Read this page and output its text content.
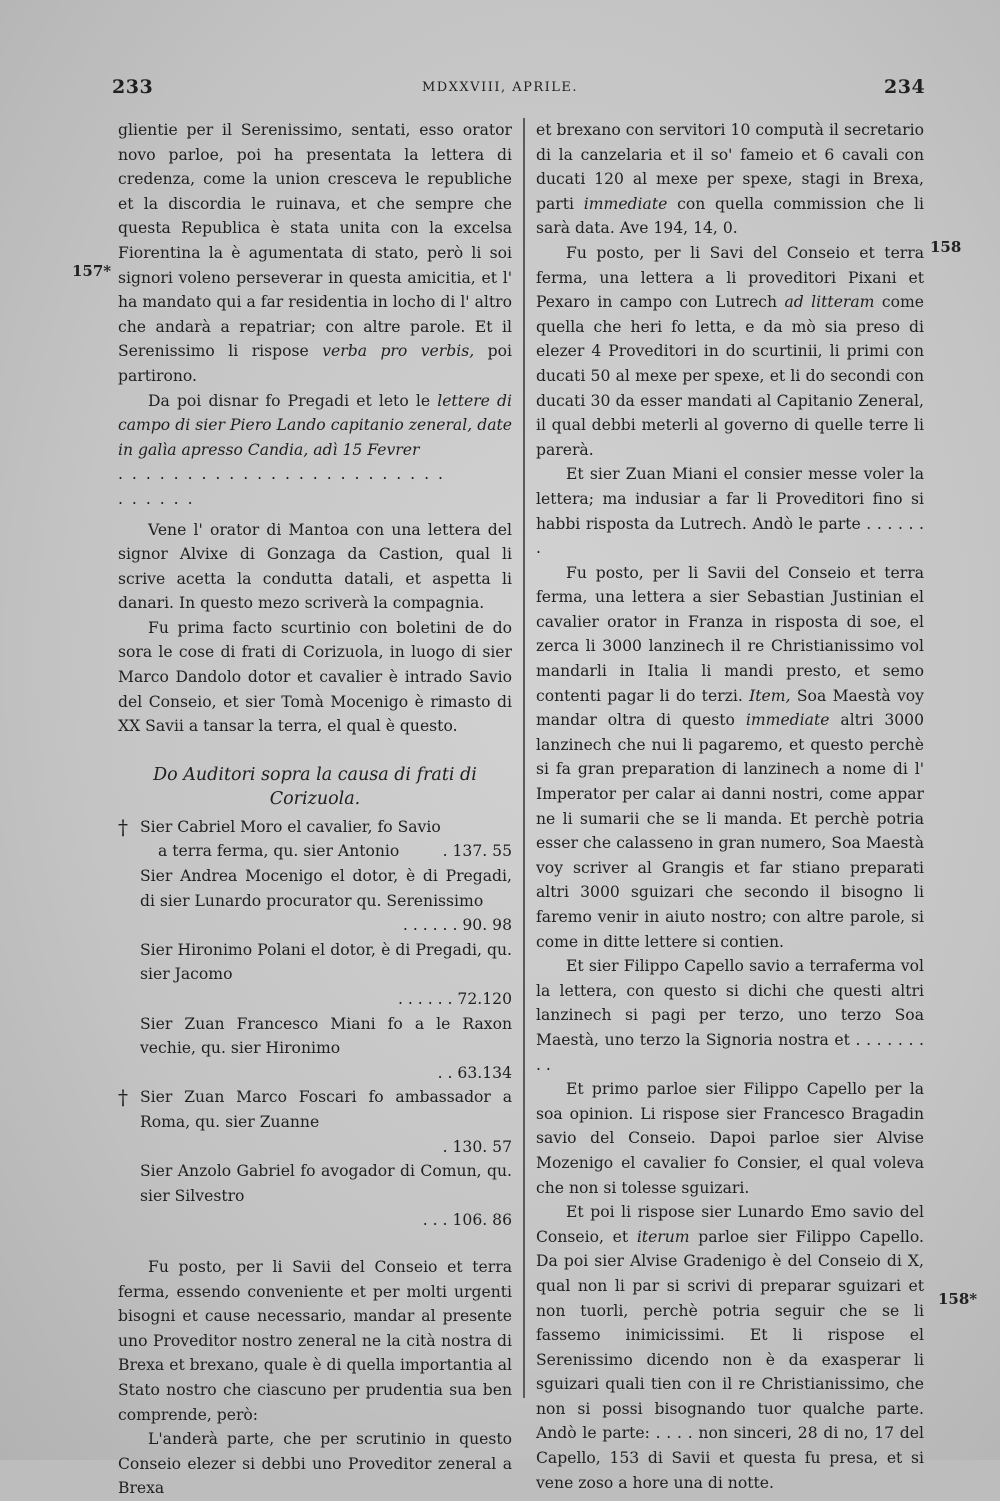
233	MDXXVIII, APRILE.	234
157*
158
158*

glientie per il Serenissimo, sentati, esso orator novo parloe, poi ha presentata la lettera di credenza, come la union cresceva le republiche et la discordia le ruinava, et che sempre che questa Republica è stata unita con la excelsa Fiorentina la è agumentata di stato, però li soi signori voleno perseverar in questa amicitia, et l' ha mandato qui a far residentia in locho di l' altro che andarà a repatriar; con altre parole. Et il Serenissimo li rispose verba pro verbis, poi partirono.

Da poi disnar fo Pregadi et leto le lettere di campo di sier Piero Lando capitanio zeneral, date in galìa apresso Candia, adì 15 Fevrer

. . . . . . . . . . . . . . . . . . . . . . . .

. . . . . .

Vene l' orator di Mantoa con una lettera del signor Alvixe di Gonzaga da Castion, qual li scrive acetta la condutta datali, et aspetta li danari. In questo mezo scriverà la compagnia.

Fu prima facto scurtinio con boletini de do sora le cose di frati di Corizuola, in luogo di sier Marco Dandolo dotor et cavalier è intrado Savio del Conseio, et sier Tomà Mocenigo è rimasto di XX Savii a tansar la terra, el qual è questo.

Do Auditori sopra la causa di frati di Corizuola.
† Sier Cabriel Moro el cavalier, fo Savio
a terra ferma, qu. sier Antonio	. 137. 55
Sier Andrea Mocenigo el dotor, è di Pregadi, di sier Lunardo procurator qu. Serenissimo
. . . . . . 90. 98
Sier Hironimo Polani el dotor, è di Pregadi, qu. sier Jacomo
. . . . . . 72.120
Sier Zuan Francesco Miani fo a le Raxon vechie, qu. sier Hironimo
. . 63.134
† Sier Zuan Marco Foscari fo ambassador a Roma, qu. sier Zuanne
. 130. 57
Sier Anzolo Gabriel fo avogador di Comun, qu. sier Silvestro
. . . 106. 86

Fu posto, per li Savii del Conseio et terra ferma, essendo conveniente et per molti urgenti bisogni et cause necessario, mandar al presente uno Proveditor nostro zeneral ne la cità nostra di Brexa et brexano, quale è di quella importantia al Stato nostro che ciascuno per prudentia sua ben comprende, però:

L'anderà parte, che per scrutinio in questo Conseio elezer si debbi uno Proveditor zeneral a Brexa

et brexano con servitori 10 computà il secretario di la canzelaria et il so' fameio et 6 cavali con ducati 120 al mexe per spexe, stagi in Brexa, parti immediate con quella commission che li sarà data. Ave 194, 14, 0.

Fu posto, per li Savi del Conseio et terra ferma, una lettera a li proveditori Pixani et Pexaro in campo con Lutrech ad litteram come quella che heri fo letta, e da mò sia preso di elezer 4 Proveditori in do scurtinii, li primi con ducati 50 al mexe per spexe, et li do secondi con ducati 30 da esser mandati al Capitanio Zeneral, il qual debbi meterli al governo di quelle terre li parerà.

Et sier Zuan Miani el consier messe voler la lettera; ma indusiar a far li Proveditori fino si habbi risposta da Lutrech. Andò le parte . . . . . . .

Fu posto, per li Savii del Conseio et terra ferma, una lettera a sier Sebastian Justinian el cavalier orator in Franza in risposta di soe, el zerca li 3000 lanzinech il re Christianissimo vol mandarli in Italia li mandi presto, et semo contenti pagar li do terzi. Item, Soa Maestà voy mandar oltra di questo immediate altri 3000 lanzinech che nui li pagaremo, et questo perchè si fa gran preparation di lanzinech a nome di l' Imperator per calar ai danni nostri, come appar ne li sumarii che se li manda. Et perchè potria esser che calasseno in gran numero, Soa Maestà voy scriver al Grangis et far stiano preparati altri 3000 sguizari che secondo il bisogno li faremo venir in aiuto nostro; con altre parole, si come in ditte lettere si contien.

Et sier Filippo Capello savio a terraferma vol la lettera, con questo si dichi che questi altri lanzinech si pagi per terzo, uno terzo Soa Maestà, uno terzo la Signoria nostra et . . . . . . . . .

Et primo parloe sier Filippo Capello per la soa opinion. Li rispose sier Francesco Bragadin savio del Conseio. Dapoi parloe sier Alvise Mozenigo el cavalier fo Consier, el qual voleva che non si tolesse sguizari.

Et poi li rispose sier Lunardo Emo savio del Conseio, et iterum parloe sier Filippo Capello. Da poi sier Alvise Gradenigo è del Conseio di X, qual non li par si scrivi di preparar sguizari et non tuorli, perchè potria seguir che se li fassemo inimicissimi. Et li rispose el Serenissimo dicendo non è da exasperar li sguizari quali tien con il re Christianissimo, che non si possi bisognando tuor qualche parte. Andò le parte: . . . . non sinceri, 28 di no, 17 del Capello, 153 di Savii et questa fu presa, et si vene zoso a hore una di notte.
